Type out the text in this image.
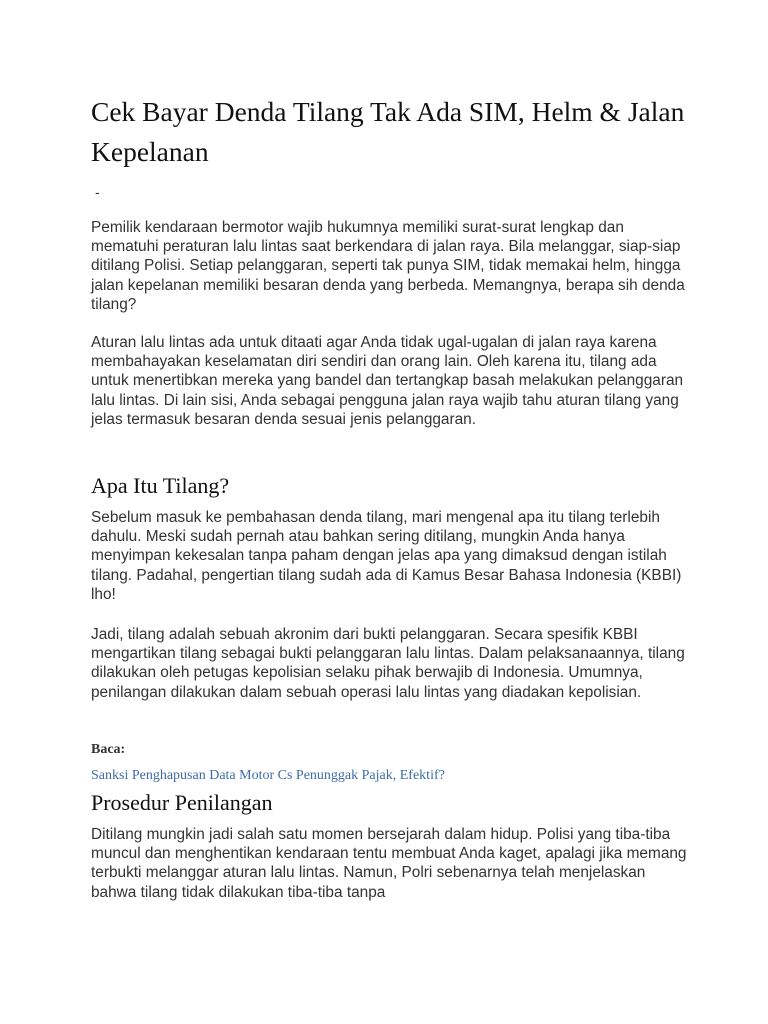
Cek Bayar Denda Tilang Tak Ada SIM, Helm & Jalan Kepelanan
-

Pemilik kendaraan bermotor wajib hukumnya memiliki surat-surat lengkap dan mematuhi peraturan lalu lintas saat berkendara di jalan raya. Bila melanggar, siap-siap ditilang Polisi. Setiap pelanggaran, seperti tak punya SIM, tidak memakai helm, hingga jalan kepelanan memiliki besaran denda yang berbeda. Memangnya, berapa sih denda tilang?

Aturan lalu lintas ada untuk ditaati agar Anda tidak ugal-ugalan di jalan raya karena membahayakan keselamatan diri sendiri dan orang lain. Oleh karena itu, tilang ada untuk menertibkan mereka yang bandel dan tertangkap basah melakukan pelanggaran lalu lintas. Di lain sisi, Anda sebagai pengguna jalan raya wajib tahu aturan tilang yang jelas termasuk besaran denda sesuai jenis pelanggaran.

Apa Itu Tilang?

Sebelum masuk ke pembahasan denda tilang, mari mengenal apa itu tilang terlebih dahulu. Meski sudah pernah atau bahkan sering ditilang, mungkin Anda hanya menyimpan kekesalan tanpa paham dengan jelas apa yang dimaksud dengan istilah tilang. Padahal, pengertian tilang sudah ada di Kamus Besar Bahasa Indonesia (KBBI) lho!

Jadi, tilang adalah sebuah akronim dari bukti pelanggaran. Secara spesifik KBBI mengartikan tilang sebagai bukti pelanggaran lalu lintas. Dalam pelaksanaannya, tilang dilakukan oleh petugas kepolisian selaku pihak berwajib di Indonesia. Umumnya, penilangan dilakukan dalam sebuah operasi lalu lintas yang diadakan kepolisian.

Baca:
Sanksi Penghapusan Data Motor Cs Penunggak Pajak, Efektif?
Prosedur Penilangan

Ditilang mungkin jadi salah satu momen bersejarah dalam hidup. Polisi yang tiba-tiba muncul dan menghentikan kendaraan tentu membuat Anda kaget, apalagi jika memang terbukti melanggar aturan lalu lintas. Namun, Polri sebenarnya telah menjelaskan bahwa tilang tidak dilakukan tiba-tiba tanpa
